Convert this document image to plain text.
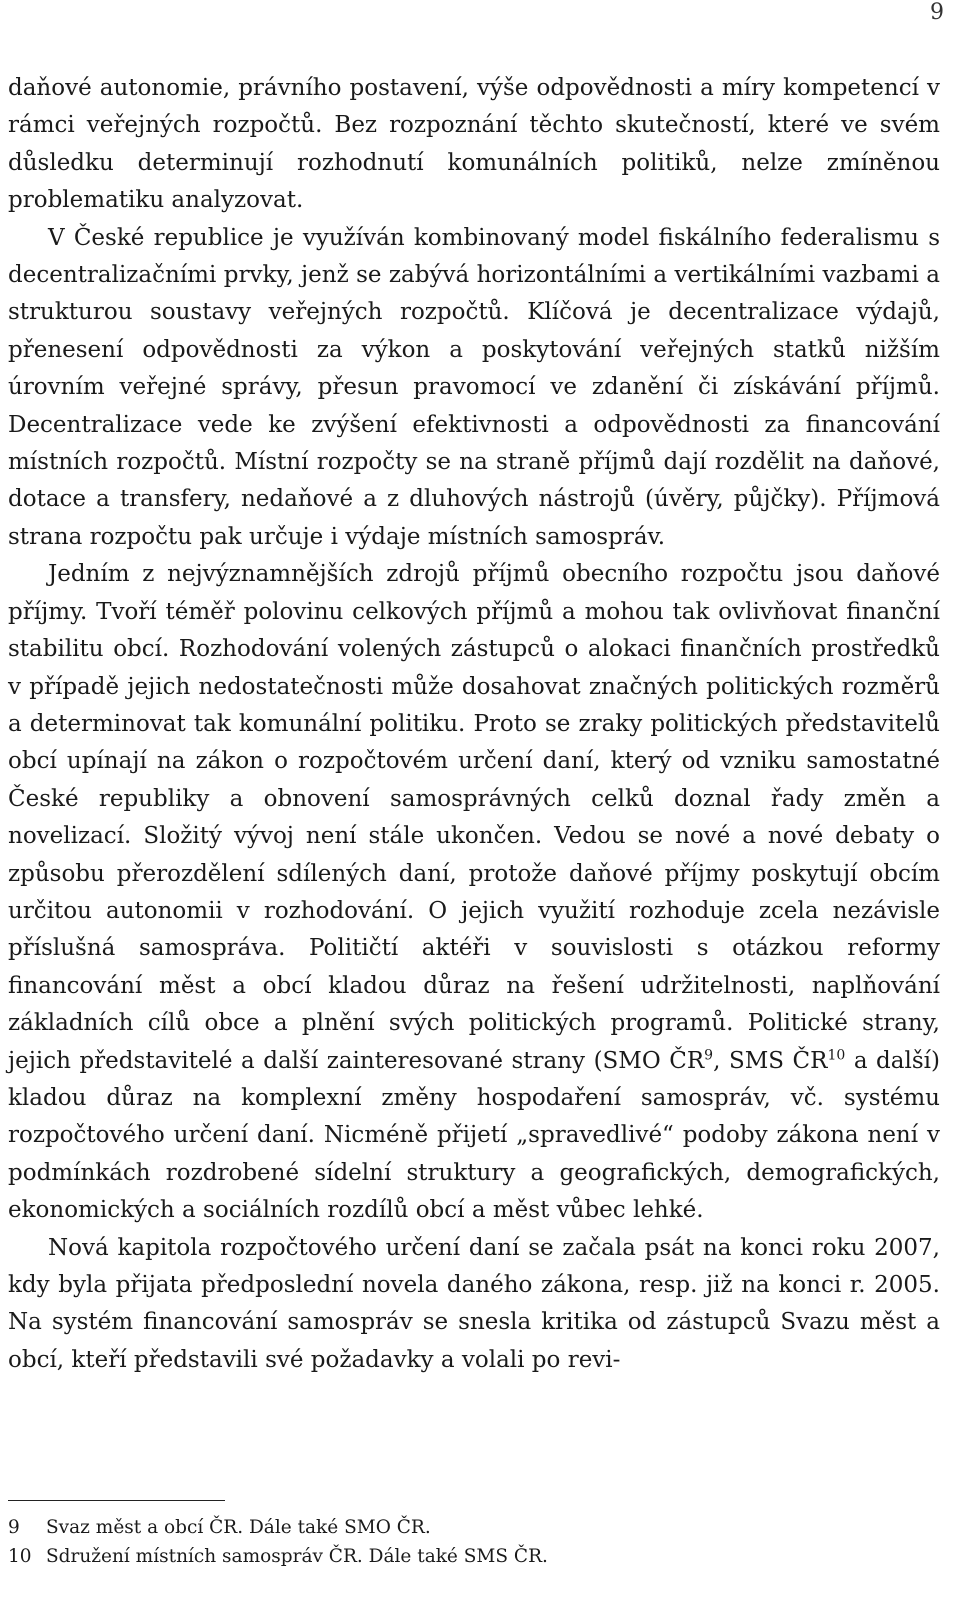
9

daňové autonomie, právního postavení, výše odpovědnosti a míry kompetencí v rámci veřejných rozpočtů. Bez rozpoznání těchto skutečností, které ve svém důsledku determinují rozhodnutí komunálních politiků, nelze zmíněnou problematiku analyzovat.

V České republice je využíván kombinovaný model fiskálního federalismu s decentralizačními prvky, jenž se zabývá horizontálními a vertikálními vazbami a strukturou soustavy veřejných rozpočtů. Klíčová je decentralizace výdajů, přenesení odpovědnosti za výkon a poskytování veřejných statků nižším úrovním veřejné správy, přesun pravomocí ve zdanění či získávání příjmů. Decentralizace vede ke zvýšení efektivnosti a odpovědnosti za financování místních rozpočtů. Místní rozpočty se na straně příjmů dají rozdělit na daňové, dotace a transfery, nedaňové a z dluhových nástrojů (úvěry, půjčky). Příjmová strana rozpočtu pak určuje i výdaje místních samospráv.

Jedním z nejvýznamnějších zdrojů příjmů obecního rozpočtu jsou daňové příjmy. Tvoří téměř polovinu celkových příjmů a mohou tak ovlivňovat finanční stabilitu obcí. Rozhodování volených zástupců o alokaci finančních prostředků v případě jejich nedostatečnosti může dosahovat značných politických rozměrů a determinovat tak komunální politiku. Proto se zraky politických představitelů obcí upínají na zákon o rozpočtovém určení daní, který od vzniku samostatné České republiky a obnovení samosprávných celků doznal řady změn a novelizací. Složitý vývoj není stále ukončen. Vedou se nové a nové debaty o způsobu přerozdělení sdílených daní, protože daňové příjmy poskytují obcím určitou autonomii v rozhodování. O jejich využití rozhoduje zcela nezávisle příslušná samospráva. Političtí aktéři v souvislosti s otázkou reformy financování měst a obcí kladou důraz na řešení udržitelnosti, naplňování základních cílů obce a plnění svých politických programů. Politické strany, jejich představitelé a další zainteresované strany (SMO $ČR^9$, SMS ČR$^{10}$ a další) kladou důraz na komplexní změny hospodaření samospráv, vč. systému rozpočtového určení daní. Nicméně přijetí „spravedlivé“ podoby zákona není v podmínkách rozdrobené sídelní struktury a geografických, demografických, ekonomických a sociálních rozdílů obcí a měst vůbec lehké.

Nová kapitola rozpočtového určení daní se začala psát na konci roku 2007, kdy byla přijata předposlední novela daného zákona, resp. již na konci r. 2005. Na systém financování samospráv se snesla kritika od zástupců Svazu měst a obcí, kteří představili své požadavky a volali po revi-

9	Svaz měst a obcí ČR. Dále také SMO ČR.
10 Sdružení místních samospráv ČR. Dále také SMS ČR.
